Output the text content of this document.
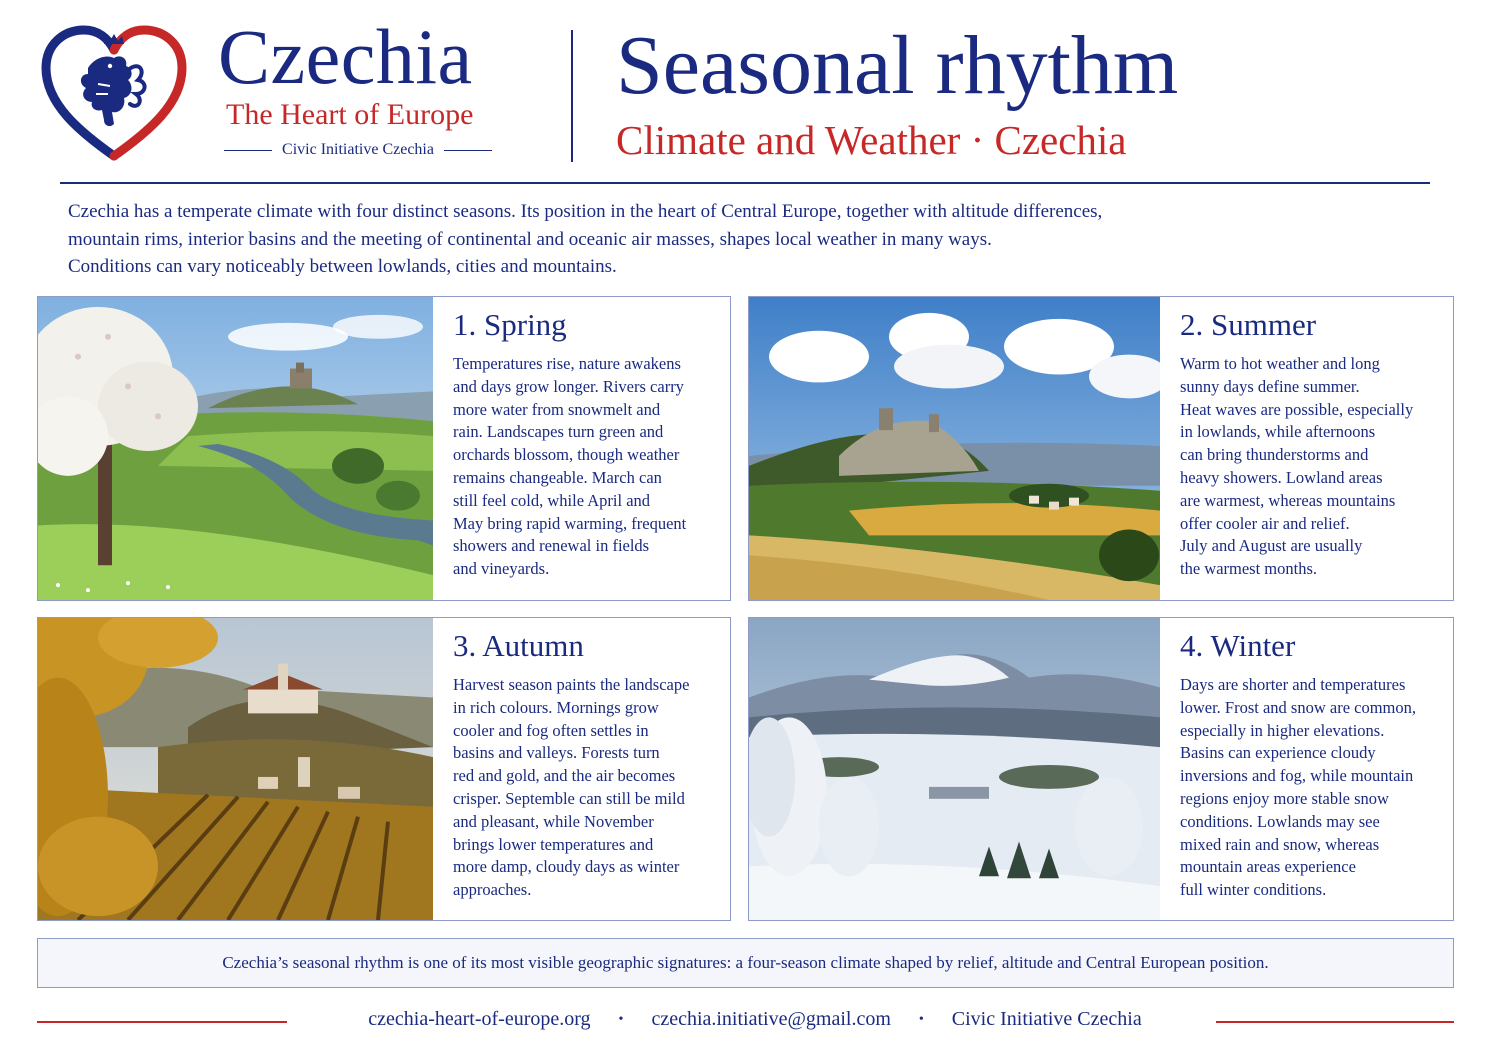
Czechia
The Heart of Europe
Civic Initiative Czechia
Seasonal rhythm
Climate and Weather · Czechia

Czechia has a temperate climate with four distinct seasons. Its position in the heart of Central Europe, together with altitude differences,

mountain rims, interior basins and the meeting of continental and oceanic air masses, shapes local weather in many ways.

Conditions can vary noticeably between lowlands, cities and mountains.

1. Spring
Temperatures rise, nature awakens
and days grow longer. Rivers carry
more water from snowmelt and
rain. Landscapes turn green and
orchards blossom, though weather
remains changeable. March can
still feel cold, while April and
May bring rapid warming, frequent
showers and renewal in fields
and vineyards.
2. Summer
Warm to hot weather and long
sunny days define summer.
Heat waves are possible, especially
in lowlands, while afternoons
can bring thunderstorms and
heavy showers. Lowland areas
are warmest, whereas mountains
offer cooler air and relief.
July and August are usually
the warmest months.
3. Autumn
Harvest season paints the landscape
in rich colours. Mornings grow
cooler and fog often settles in
basins and valleys. Forests turn
red and gold, and the air becomes
crisper. Septemble can still be mild
and pleasant, while November
brings lower temperatures and
more damp, cloudy days as winter
approaches.
4. Winter
Days are shorter and temperatures
lower. Frost and snow are common,
especially in higher elevations.
Basins can experience cloudy
inversions and fog, while mountain
regions enjoy more stable snow
conditions. Lowlands may see
mixed rain and snow, whereas
mountain areas experience
full winter conditions.
Czechia’s seasonal rhythm is one of its most visible geographic signatures: a four-season climate shaped by relief, altitude and Central European position.
czechia-heart-of-europe.org • czechia.initiative@gmail.com • Civic Initiative Czechia
